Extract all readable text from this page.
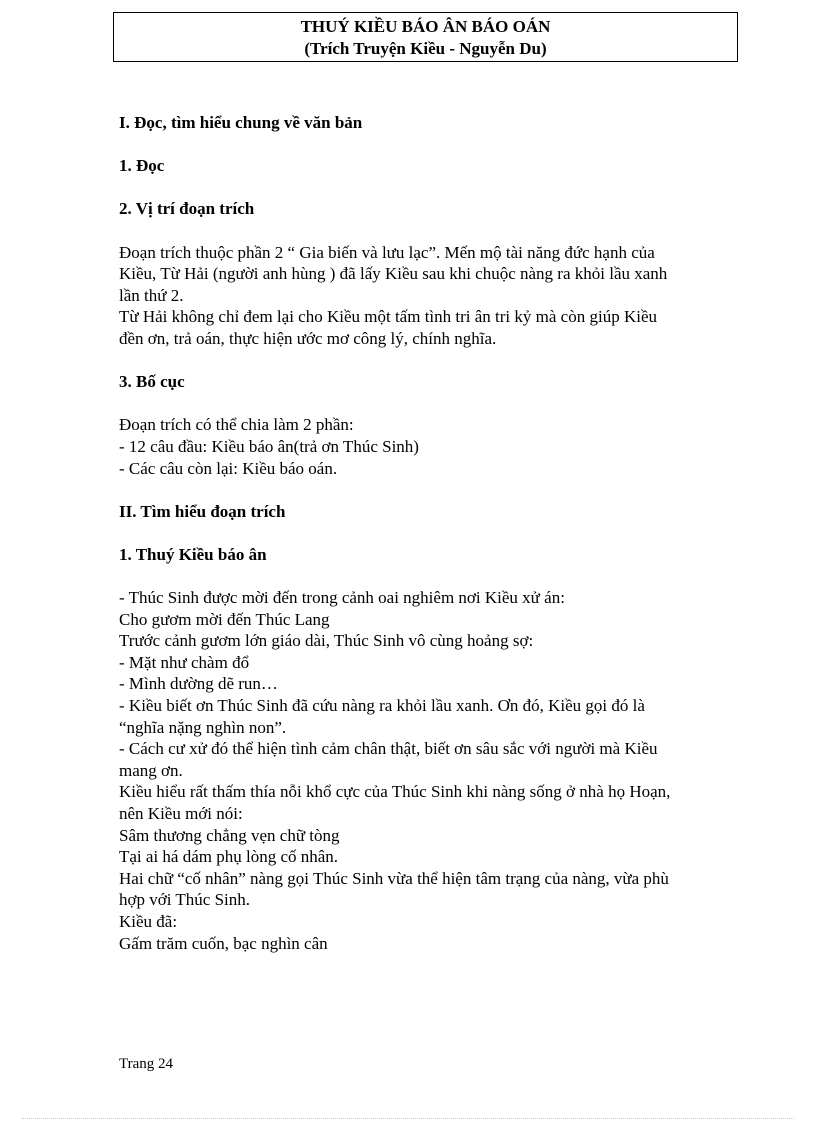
THUÝ KIỀU BÁO ÂN BÁO OÁN
(Trích Truyện Kiều - Nguyễn Du)

I. Đọc, tìm hiểu chung về văn bản

1. Đọc

2. Vị trí đoạn trích

Đoạn trích thuộc phần 2 “ Gia biến và lưu lạc”. Mến mộ tài năng đức hạnh của

Kiều, Từ Hải (người anh hùng ) đã lấy Kiều sau khi chuộc nàng ra khỏi lầu xanh

lần thứ 2.

Từ Hải không chỉ đem lại cho Kiều một tấm tình tri ân tri kỷ mà còn giúp Kiều

đền ơn, trả oán, thực hiện ước mơ công lý, chính nghĩa.

3. Bố cục

Đoạn trích có thể chia làm 2 phần:

- 12 câu đầu: Kiều báo ân(trả ơn Thúc Sinh)

- Các câu còn lại: Kiều báo oán.

II. Tìm hiểu đoạn trích

1. Thuý Kiều báo ân

- Thúc Sinh được mời đến trong cảnh oai nghiêm nơi Kiều xử án:

Cho gươm mời đến Thúc Lang

Trước cảnh gươm lớn giáo dài, Thúc Sinh vô cùng hoảng sợ:

- Mặt như chàm đổ

- Mình dường dẽ run…

- Kiều biết ơn Thúc Sinh đã cứu nàng ra khỏi lầu xanh. Ơn đó, Kiều gọi đó là

“nghĩa nặng nghìn non”.

- Cách cư xử đó thể hiện tình cảm chân thật, biết ơn sâu sắc với người mà Kiều

mang ơn.

Kiều hiểu rất thấm thía nỗi khổ cực của Thúc Sinh khi nàng sống ở nhà họ Hoạn,

nên Kiều mới nói:

Sâm thương chẳng vẹn chữ tòng

Tại ai há dám phụ lòng cố nhân.

Hai chữ “cố nhân” nàng gọi Thúc Sinh vừa thể hiện tâm trạng của nàng, vừa phù

hợp với Thúc Sinh.

Kiều đã:

Gấm trăm cuốn, bạc nghìn cân

Trang 24
